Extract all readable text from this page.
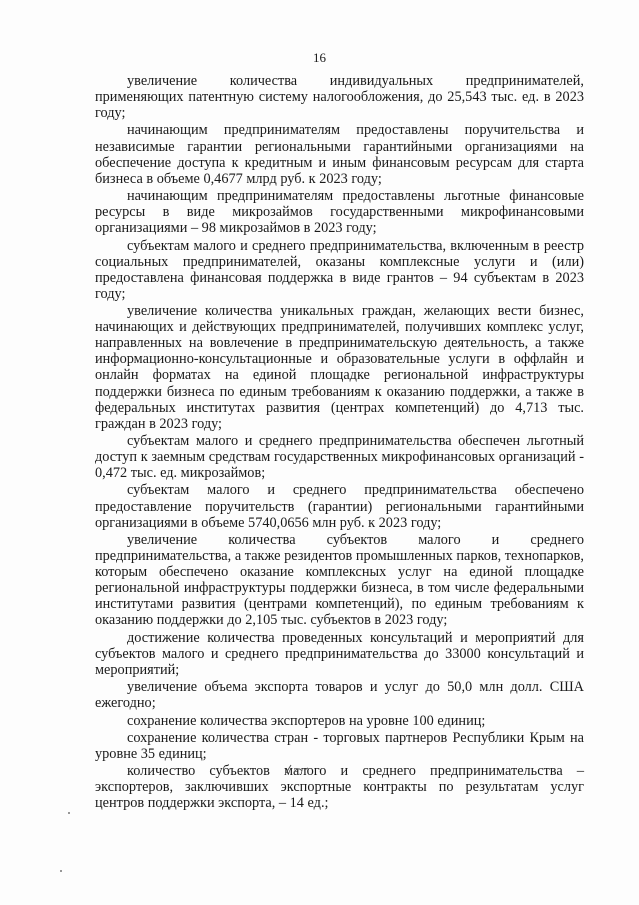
16

увеличение количества индивидуальных предпринимателей, применяющих патентную систему налогообложения, до 25,543 тыс. ед. в 2023 году;

начинающим предпринимателям предоставлены поручительства и независимые гарантии региональными гарантийными организациями на обеспечение доступа к кредитным и иным финансовым ресурсам для старта бизнеса в объеме 0,4677 млрд руб. к 2023 году;

начинающим предпринимателям предоставлены льготные финансовые ресурсы в виде микрозаймов государственными микрофинансовыми организациями – 98 микрозаймов в 2023 году;

субъектам малого и среднего предпринимательства, включенным в реестр социальных предпринимателей, оказаны комплексные услуги и (или) предоставлена финансовая поддержка в виде грантов – 94 субъектам в 2023 году;

увеличение количества уникальных граждан, желающих вести бизнес, начинающих и действующих предпринимателей, получивших комплекс услуг, направленных на вовлечение в предпринимательскую деятельность, а также информационно-консультационные и образовательные услуги в оффлайн и онлайн форматах на единой площадке региональной инфраструктуры поддержки бизнеса по единым требованиям к оказанию поддержки, а также в федеральных институтах развития (центрах компетенций) до 4,713 тыс. граждан в 2023 году;

субъектам малого и среднего предпринимательства обеспечен льготный доступ к заемным средствам государственных микрофинансовых организаций - 0,472 тыс. ед. микрозаймов;

субъектам малого и среднего предпринимательства обеспечено предоставление поручительств (гарантии) региональными гарантийными организациями в объеме 5740,0656 млн руб. к 2023 году;

увеличение количества субъектов малого и среднего предпринимательства, а также резидентов промышленных парков, технопарков, которым обеспечено оказание комплексных услуг на единой площадке региональной инфраструктуры поддержки бизнеса, в том числе федеральными институтами развития (центрами компетенций), по единым требованиям к оказанию поддержки до 2,105 тыс. субъектов в 2023 году;

достижение количества проведенных консультаций и мероприятий для субъектов малого и среднего предпринимательства до 33000 консультаций и мероприятий;

увеличение объема экспорта товаров и услуг до 50,0 млн долл. США ежегодно;

сохранение количества экспортеров на уровне 100 единиц;

сохранение количества стран - торговых партнеров Республики Крым на уровне 35 единиц;

количество субъектов малого и среднего предпринимательства – экспортеров, заключивших экспортные контракты по результатам услуг центров поддержки экспорта, – 14 ед.;
